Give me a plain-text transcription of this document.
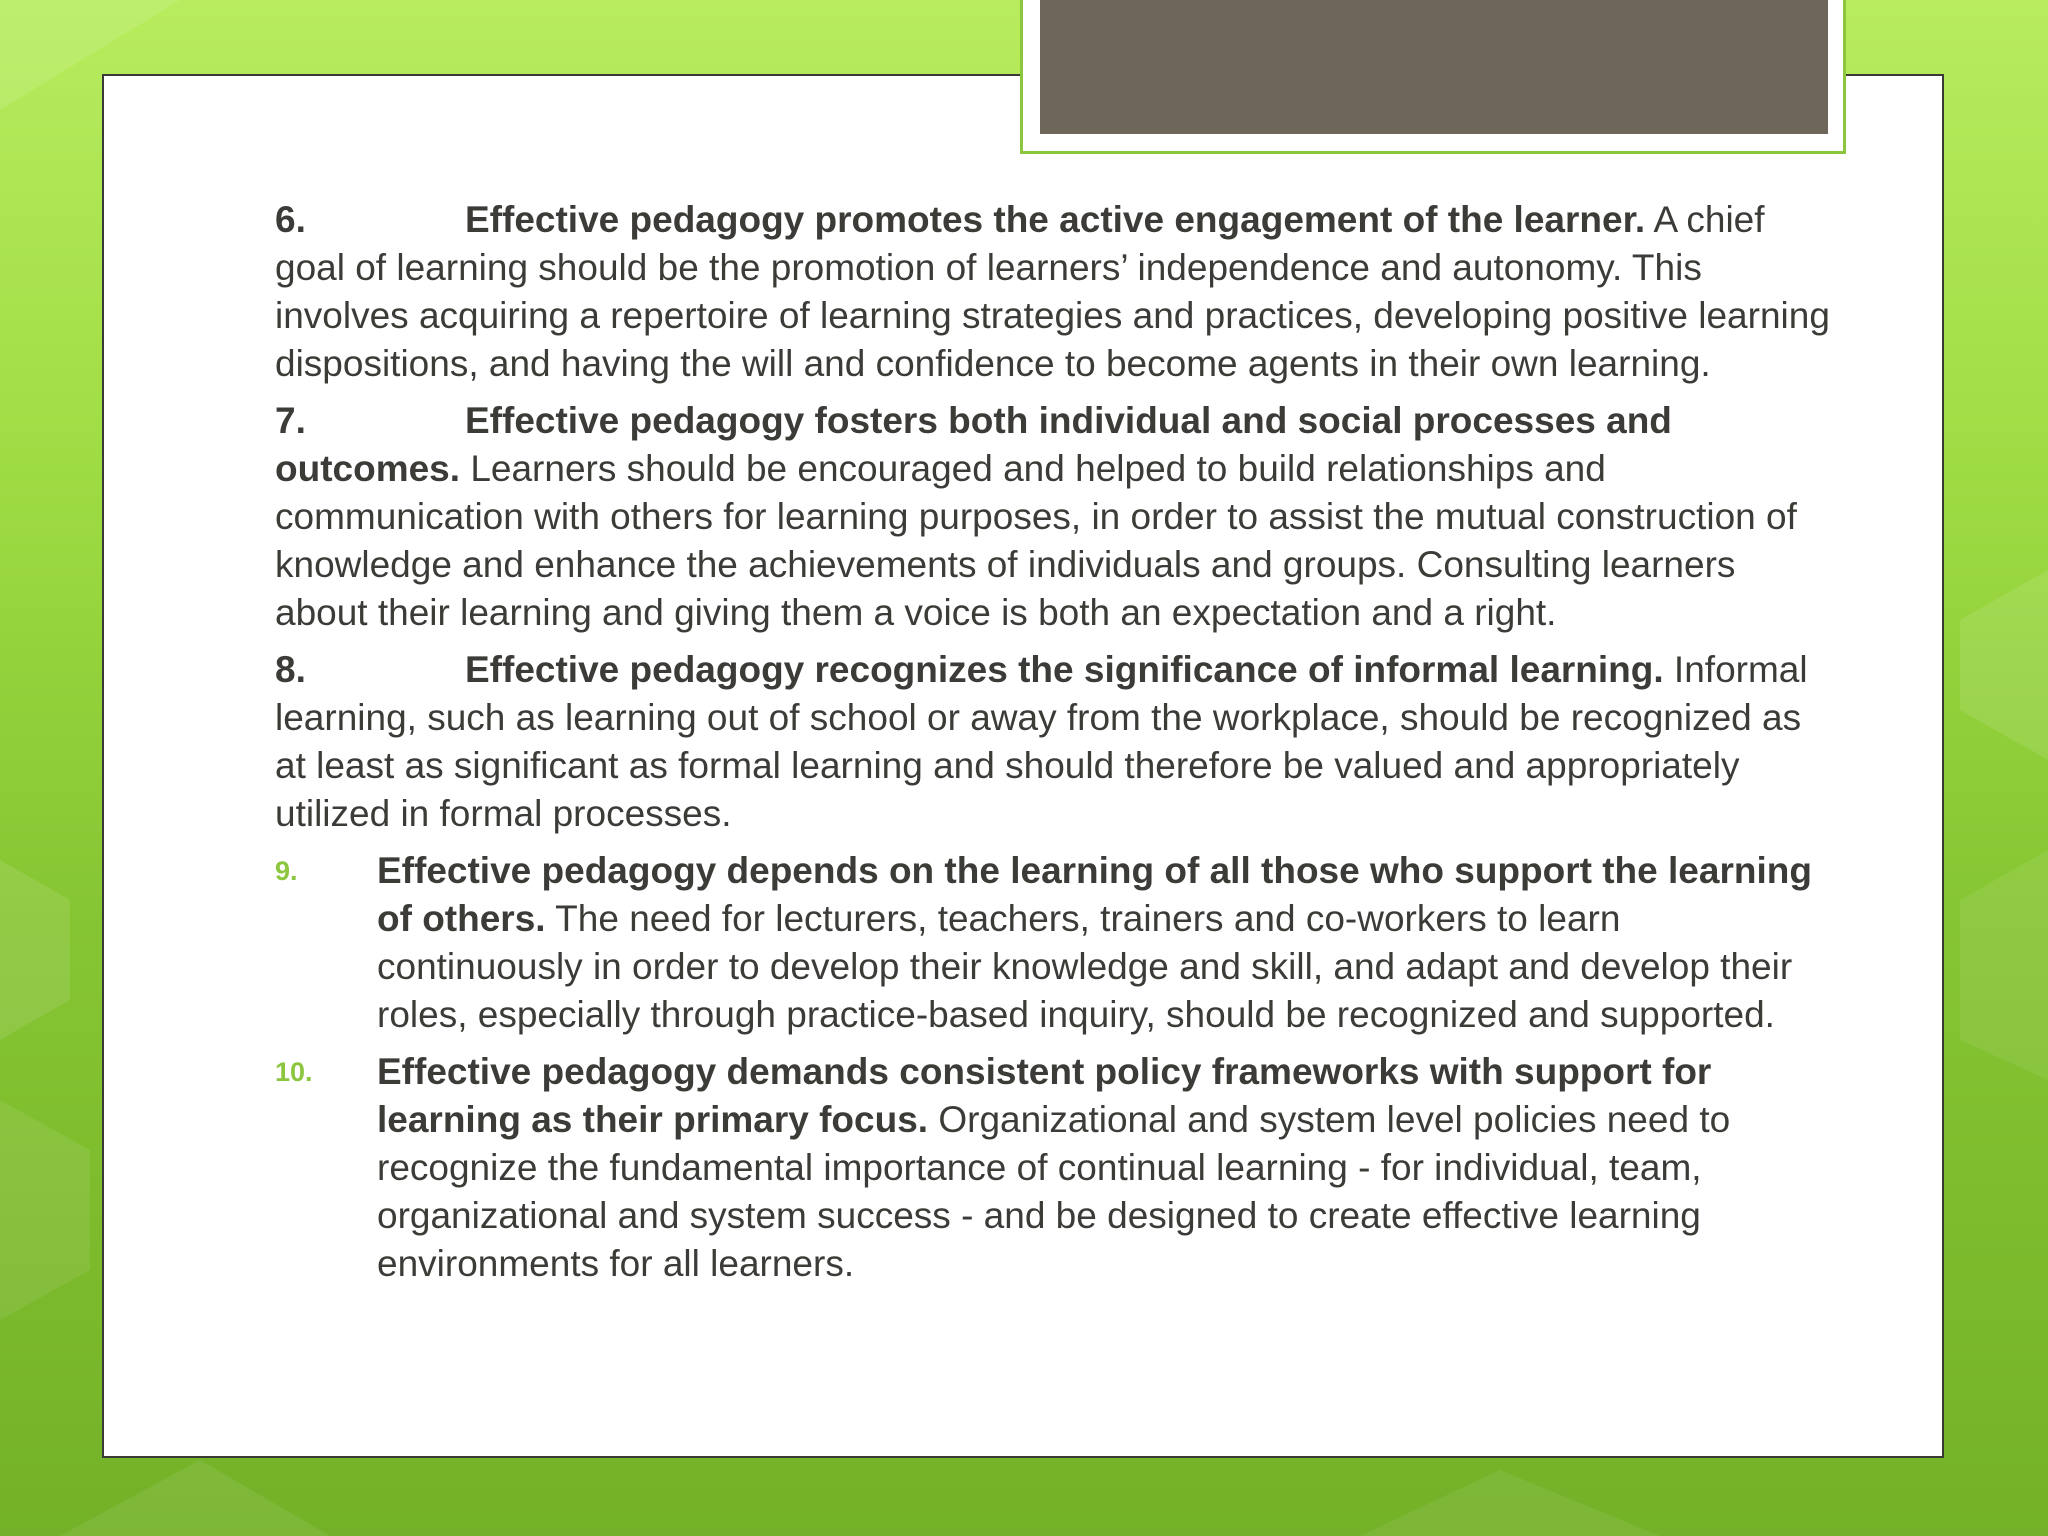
6.	Effective pedagogy promotes the active engagement of the learner. A chief goal of learning should be the promotion of learners’ independence and autonomy. This involves acquiring a repertoire of learning strategies and practices, developing positive learning dispositions, and having the will and confidence to become agents in their own learning.

7.	Effective pedagogy fosters both individual and social processes and outcomes. Learners should be encouraged and helped to build relationships and communication with others for learning purposes, in order to assist the mutual construction of knowledge and enhance the achievements of individuals and groups. Consulting learners about their learning and giving them a voice is both an expectation and a right.

8.	Effective pedagogy recognizes the significance of informal learning. Informal learning, such as learning out of school or away from the workplace, should be recognized as at least as significant as formal learning and should therefore be valued and appropriately utilized in formal processes.

9. Effective pedagogy depends on the learning of all those who support the learning of others. The need for lecturers, teachers, trainers and co-workers to learn continuously in order to develop their knowledge and skill, and adapt and develop their roles, especially through practice-based inquiry, should be recognized and supported.
10. Effective pedagogy demands consistent policy frameworks with support for learning as their primary focus. Organizational and system level policies need to recognize the fundamental importance of continual learning - for individual, team, organizational and system success - and be designed to create effective learning environments for all learners.
